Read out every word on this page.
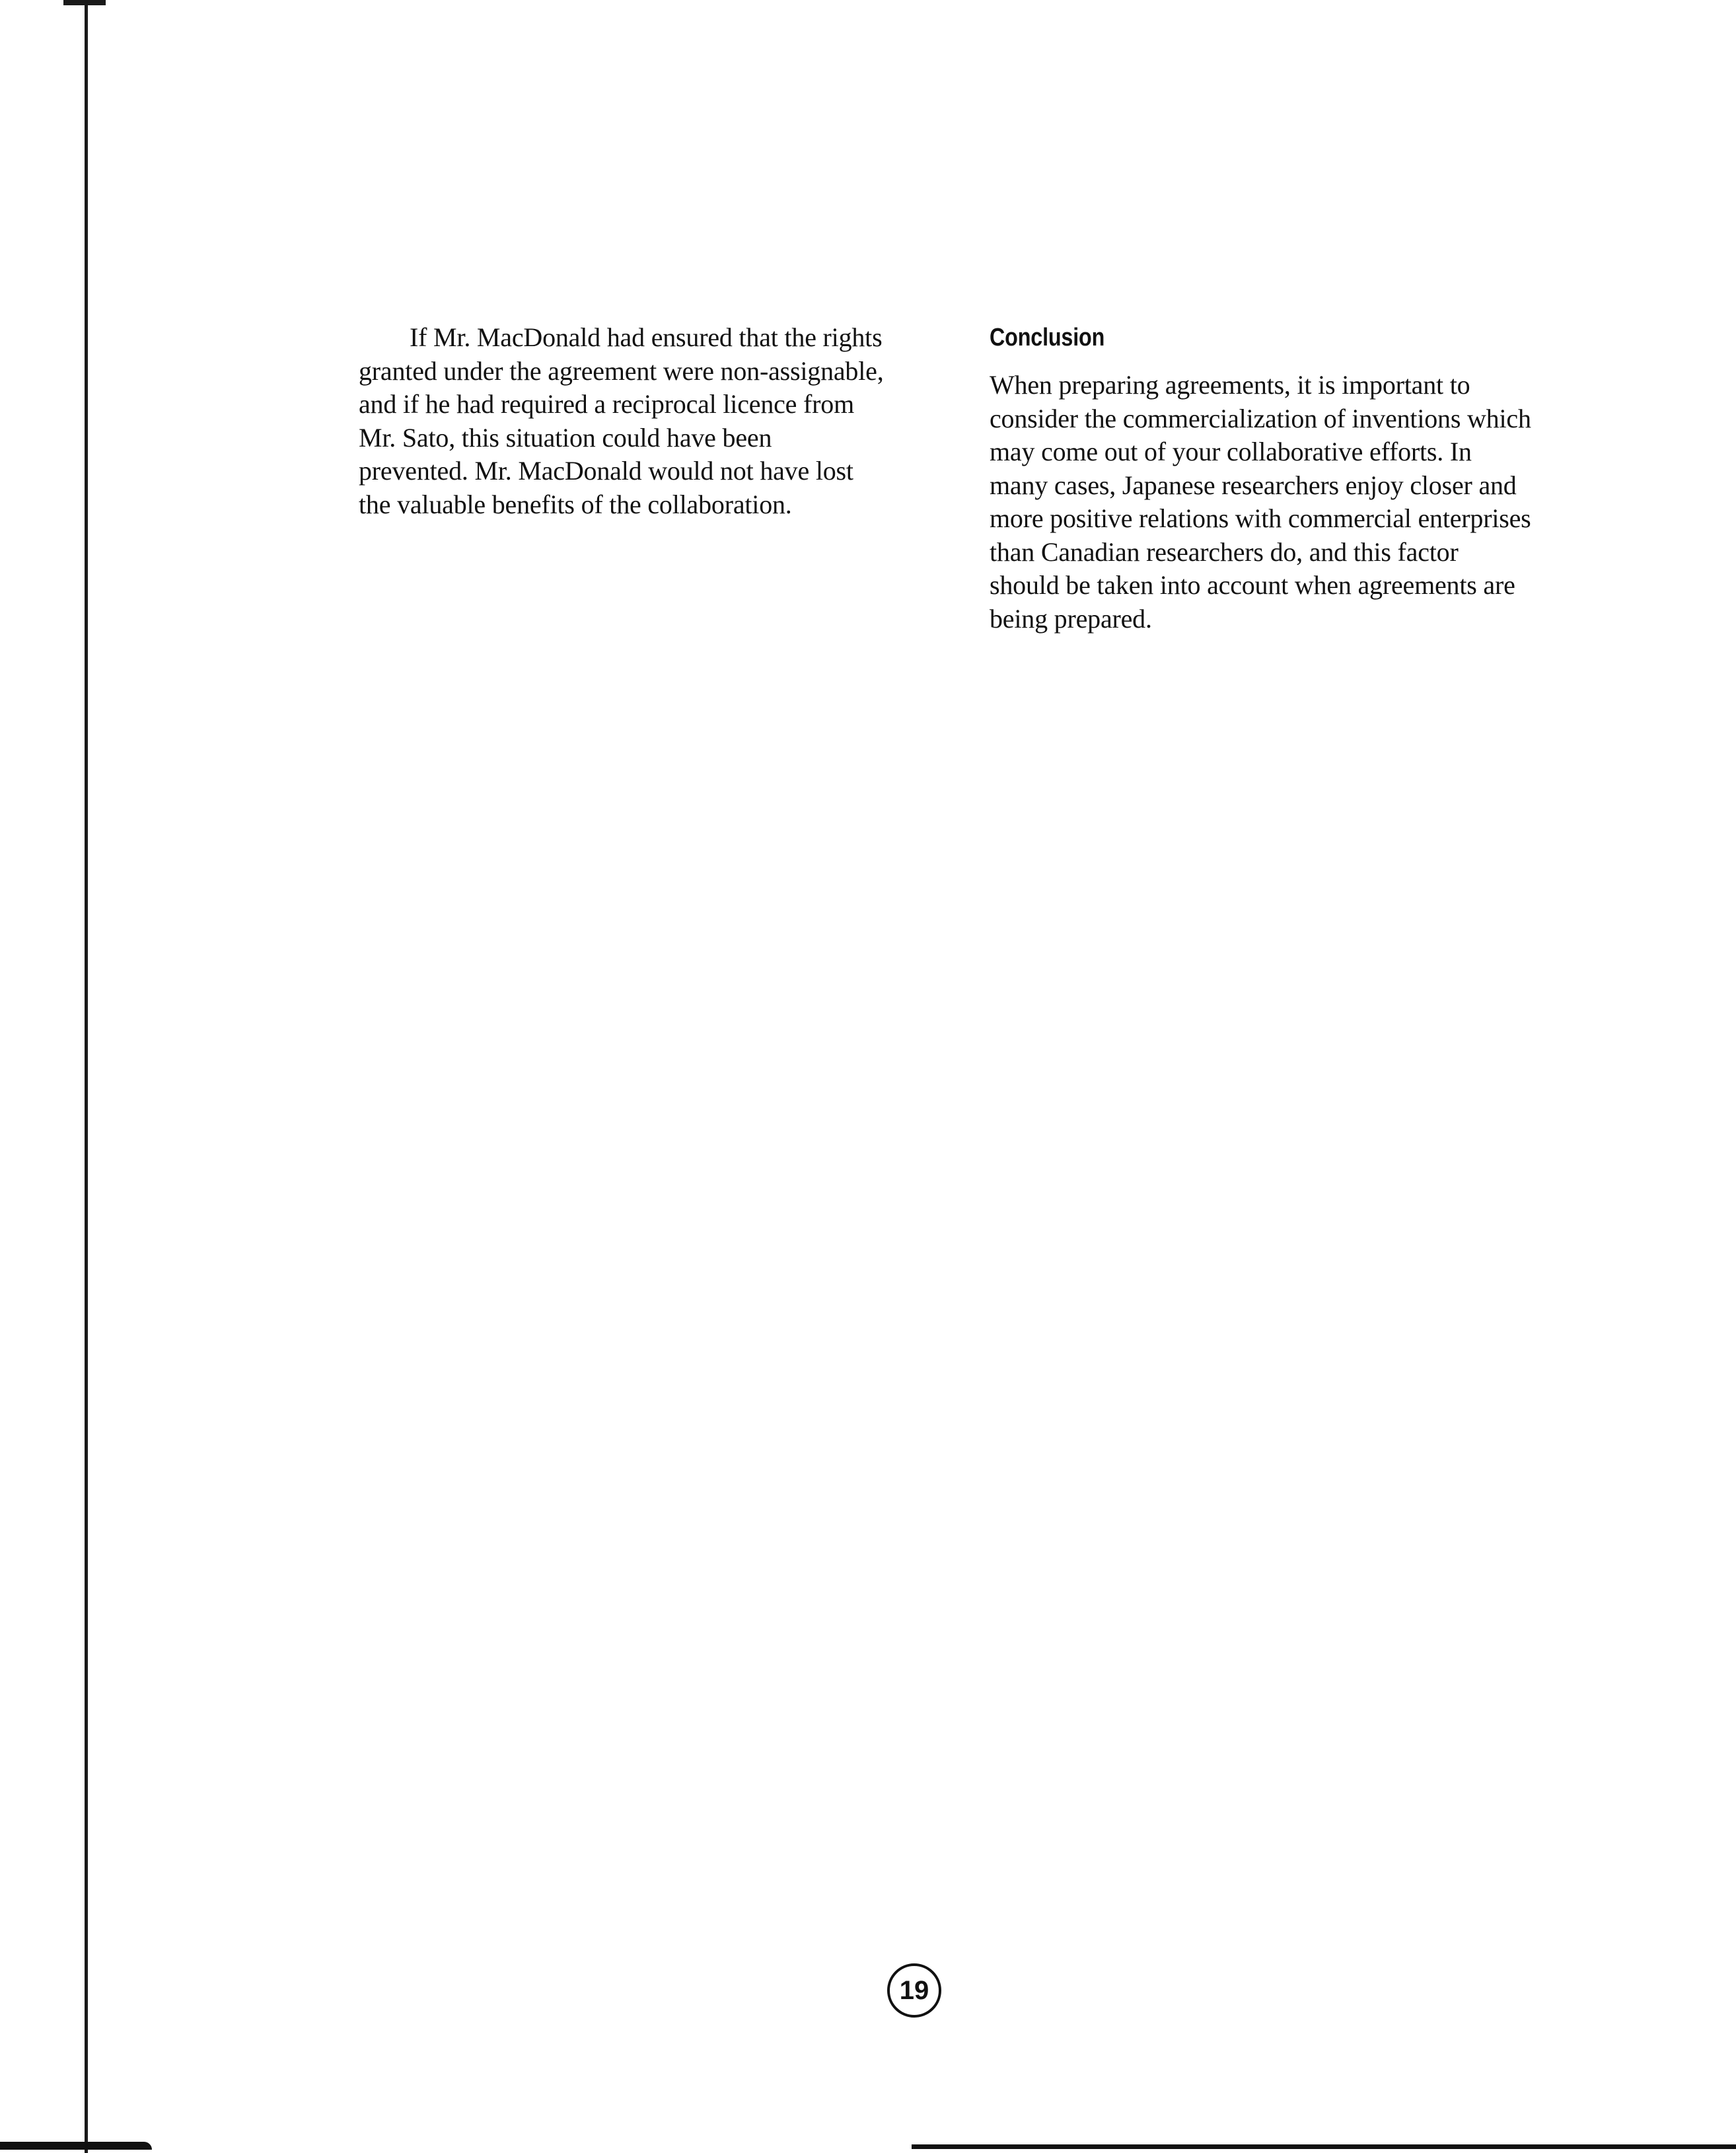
If Mr. MacDonald had ensured that the rights granted under the agreement were non-assignable, and if he had required a reciprocal licence from Mr. Sato, this situation could have been prevented. Mr. MacDonald would not have lost the valuable benefits of the collaboration.

Conclusion

When preparing agreements, it is important to consider the commercialization of inventions which may come out of your collaborative efforts. In many cases, Japanese researchers enjoy closer and more positive relations with commercial enterprises than Canadian researchers do, and this factor should be taken into account when agreements are being prepared.

19
